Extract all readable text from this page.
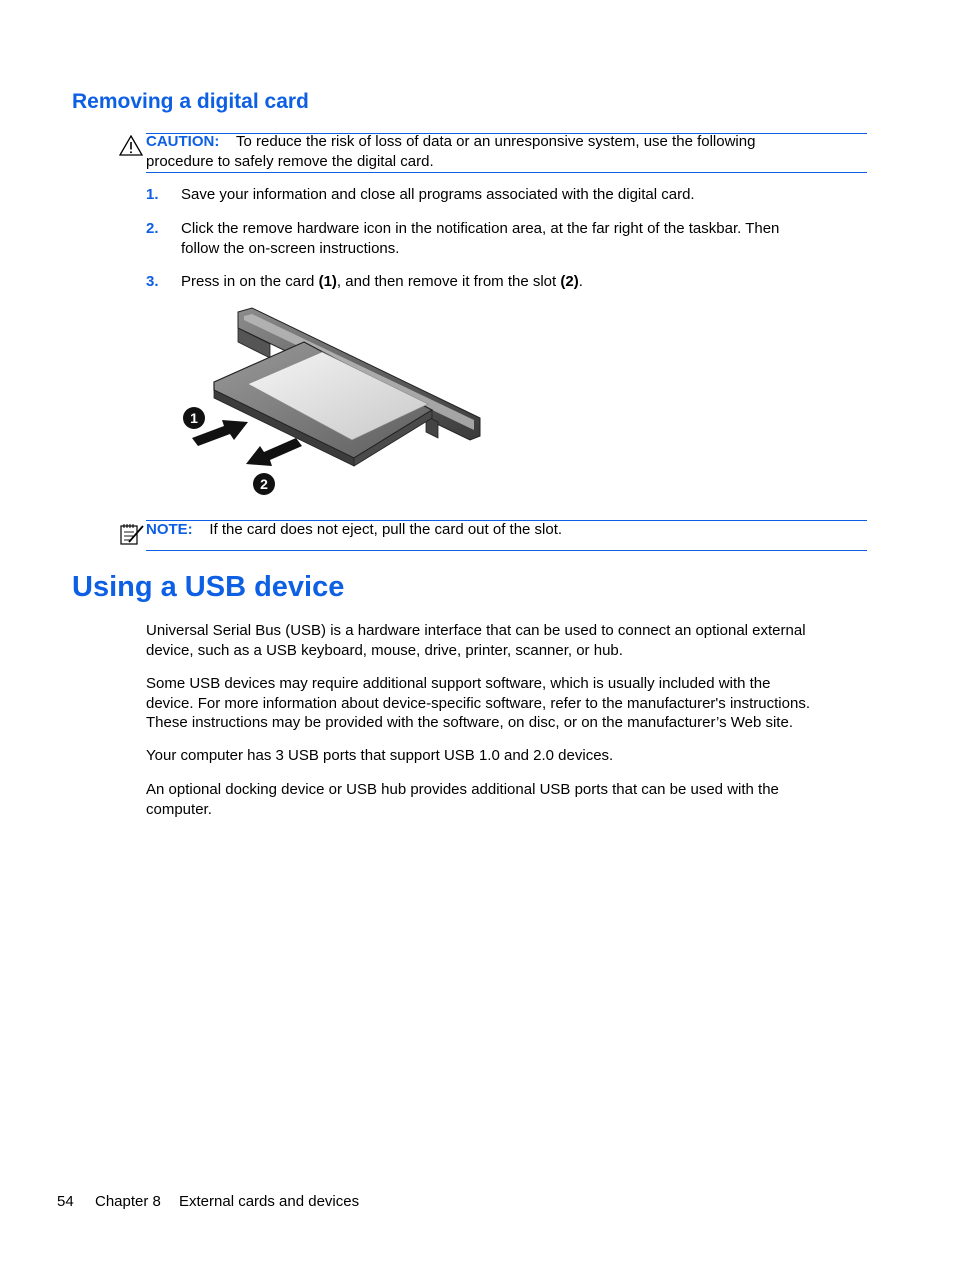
Removing a digital card

CAUTION: To reduce the risk of loss of data or an unresponsive system, use the following
procedure to safely remove the digital card.

1. Save your information and close all programs associated with the digital card.

2. Click the remove hardware icon in the notification area, at the far right of the taskbar. Then
follow the on-screen instructions.

3. Press in on the card (1), and then remove it from the slot (2).

1
2

NOTE: If the card does not eject, pull the card out of the slot.

Using a USB device

Universal Serial Bus (USB) is a hardware interface that can be used to connect an optional external
device, such as a USB keyboard, mouse, drive, printer, scanner, or hub.

Some USB devices may require additional support software, which is usually included with the
device. For more information about device-specific software, refer to the manufacturer's instructions.
These instructions may be provided with the software, on disc, or on the manufacturer’s Web site.

Your computer has 3 USB ports that support USB 1.0 and 2.0 devices.

An optional docking device or USB hub provides additional USB ports that can be used with the
computer.

54 Chapter 8 External cards and devices
